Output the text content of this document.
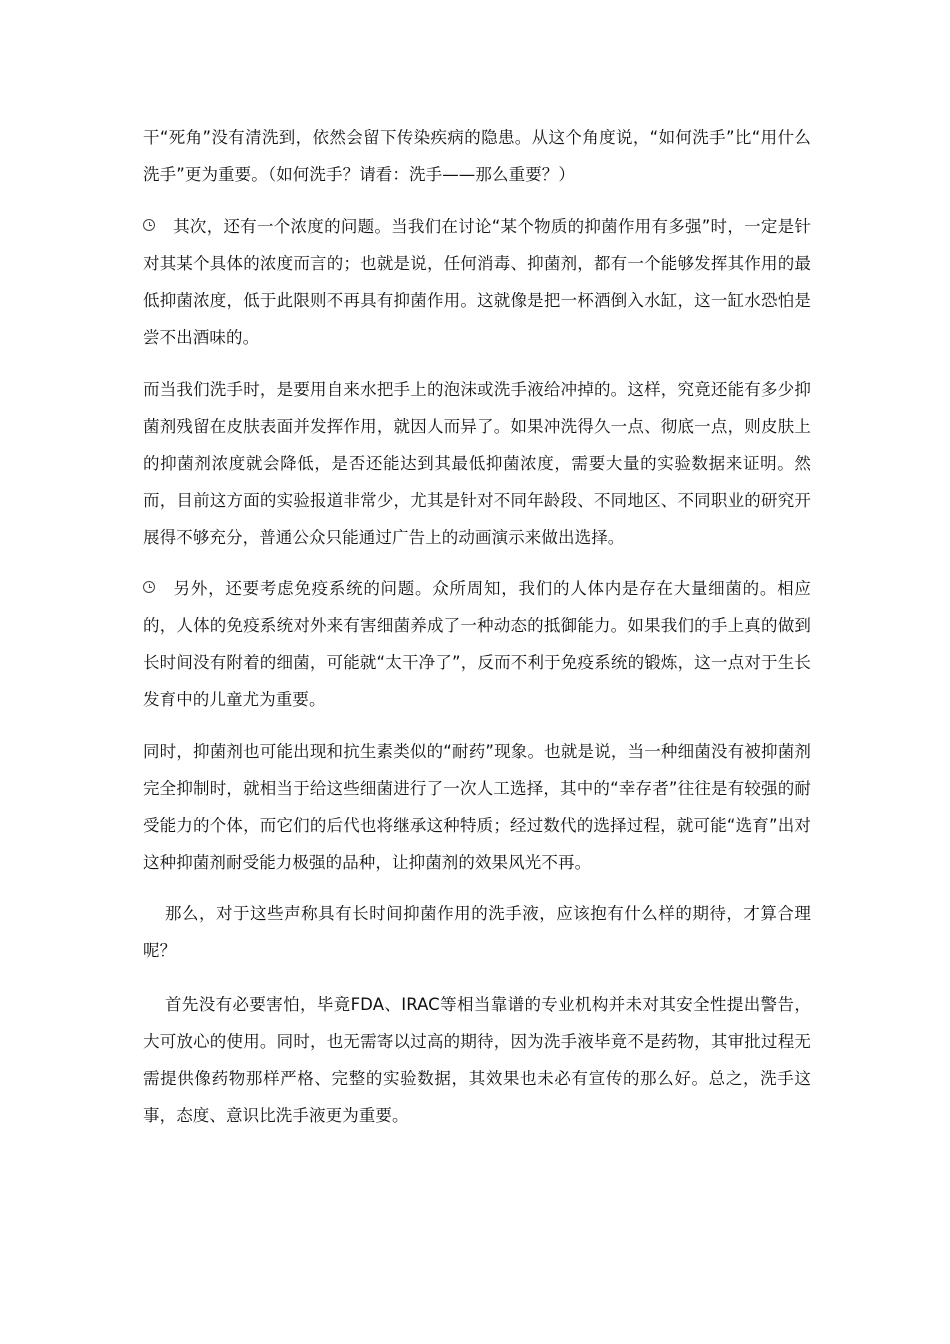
干“死角”没有清洗到，依然会留下传染疾病的隐患。从这个角度说，“如何洗手”比“用什么洗手”更为重要。（如何洗手？请看：洗手——那么重要？）

其次，还有一个浓度的问题。当我们在讨论“某个物质的抑菌作用有多强”时，一定是针对其某个具体的浓度而言的；也就是说，任何消毒、抑菌剂，都有一个能够发挥其作用的最低抑菌浓度，低于此限则不再具有抑菌作用。这就像是把一杯酒倒入水缸，这一缸水恐怕是尝不出酒味的。

而当我们洗手时，是要用自来水把手上的泡沫或洗手液给冲掉的。这样，究竟还能有多少抑菌剂残留在皮肤表面并发挥作用，就因人而异了。如果冲洗得久一点、彻底一点，则皮肤上的抑菌剂浓度就会降低，是否还能达到其最低抑菌浓度，需要大量的实验数据来证明。然而，目前这方面的实验报道非常少，尤其是针对不同年龄段、不同地区、不同职业的研究开展得不够充分，普通公众只能通过广告上的动画演示来做出选择。

另外，还要考虑免疫系统的问题。众所周知，我们的人体内是存在大量细菌的。相应的，人体的免疫系统对外来有害细菌养成了一种动态的抵御能力。如果我们的手上真的做到长时间没有附着的细菌，可能就“太干净了”，反而不利于免疫系统的锻炼，这一点对于生长发育中的儿童尤为重要。

同时，抑菌剂也可能出现和抗生素类似的“耐药”现象。也就是说，当一种细菌没有被抑菌剂完全抑制时，就相当于给这些细菌进行了一次人工选择，其中的“幸存者”往往是有较强的耐受能力的个体，而它们的后代也将继承这种特质；经过数代的选择过程，就可能“选育”出对这种抑菌剂耐受能力极强的品种，让抑菌剂的效果风光不再。

那么，对于这些声称具有长时间抑菌作用的洗手液，应该抱有什么样的期待，才算合理呢？

首先没有必要害怕，毕竟FDA、IRAC等相当靠谱的专业机构并未对其安全性提出警告，大可放心的使用。同时，也无需寄以过高的期待，因为洗手液毕竟不是药物，其审批过程无需提供像药物那样严格、完整的实验数据，其效果也未必有宣传的那么好。总之，洗手这事，态度、意识比洗手液更为重要。
